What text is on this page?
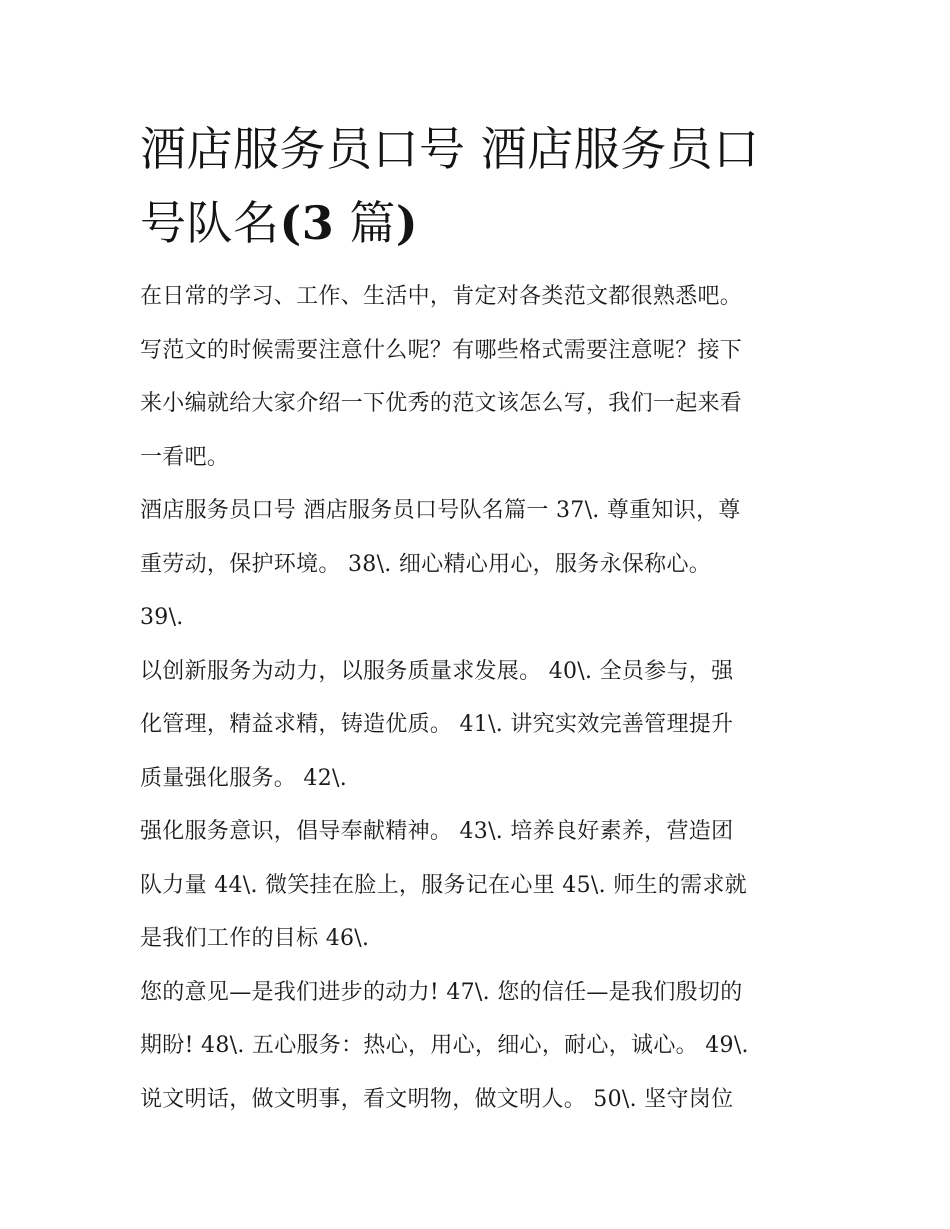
酒店服务员口号 酒店服务员口
号队名(3 篇)

在日常的学习、工作、生活中，肯定对各类范文都很熟悉吧。

写范文的时候需要注意什么呢？有哪些格式需要注意呢？接下

来小编就给大家介绍一下优秀的范文该怎么写，我们一起来看

一看吧。

酒店服务员口号 酒店服务员口号队名篇一 37\. 尊重知识，尊

重劳动，保护环境。 38\. 细心精心用心，服务永保称心。

39\.

以创新服务为动力，以服务质量求发展。 40\. 全员参与，强

化管理，精益求精，铸造优质。 41\. 讲究实效完善管理提升

质量强化服务。 42\.

强化服务意识，倡导奉献精神。 43\. 培养良好素养，营造团

队力量 44\. 微笑挂在脸上，服务记在心里 45\. 师生的需求就

是我们工作的目标 46\.

您的意见—是我们进步的动力! 47\. 您的信任—是我们殷切的

期盼! 48\. 五心服务：热心，用心，细心，耐心，诚心。 49\.

说文明话，做文明事，看文明物，做文明人。 50\. 坚守岗位
